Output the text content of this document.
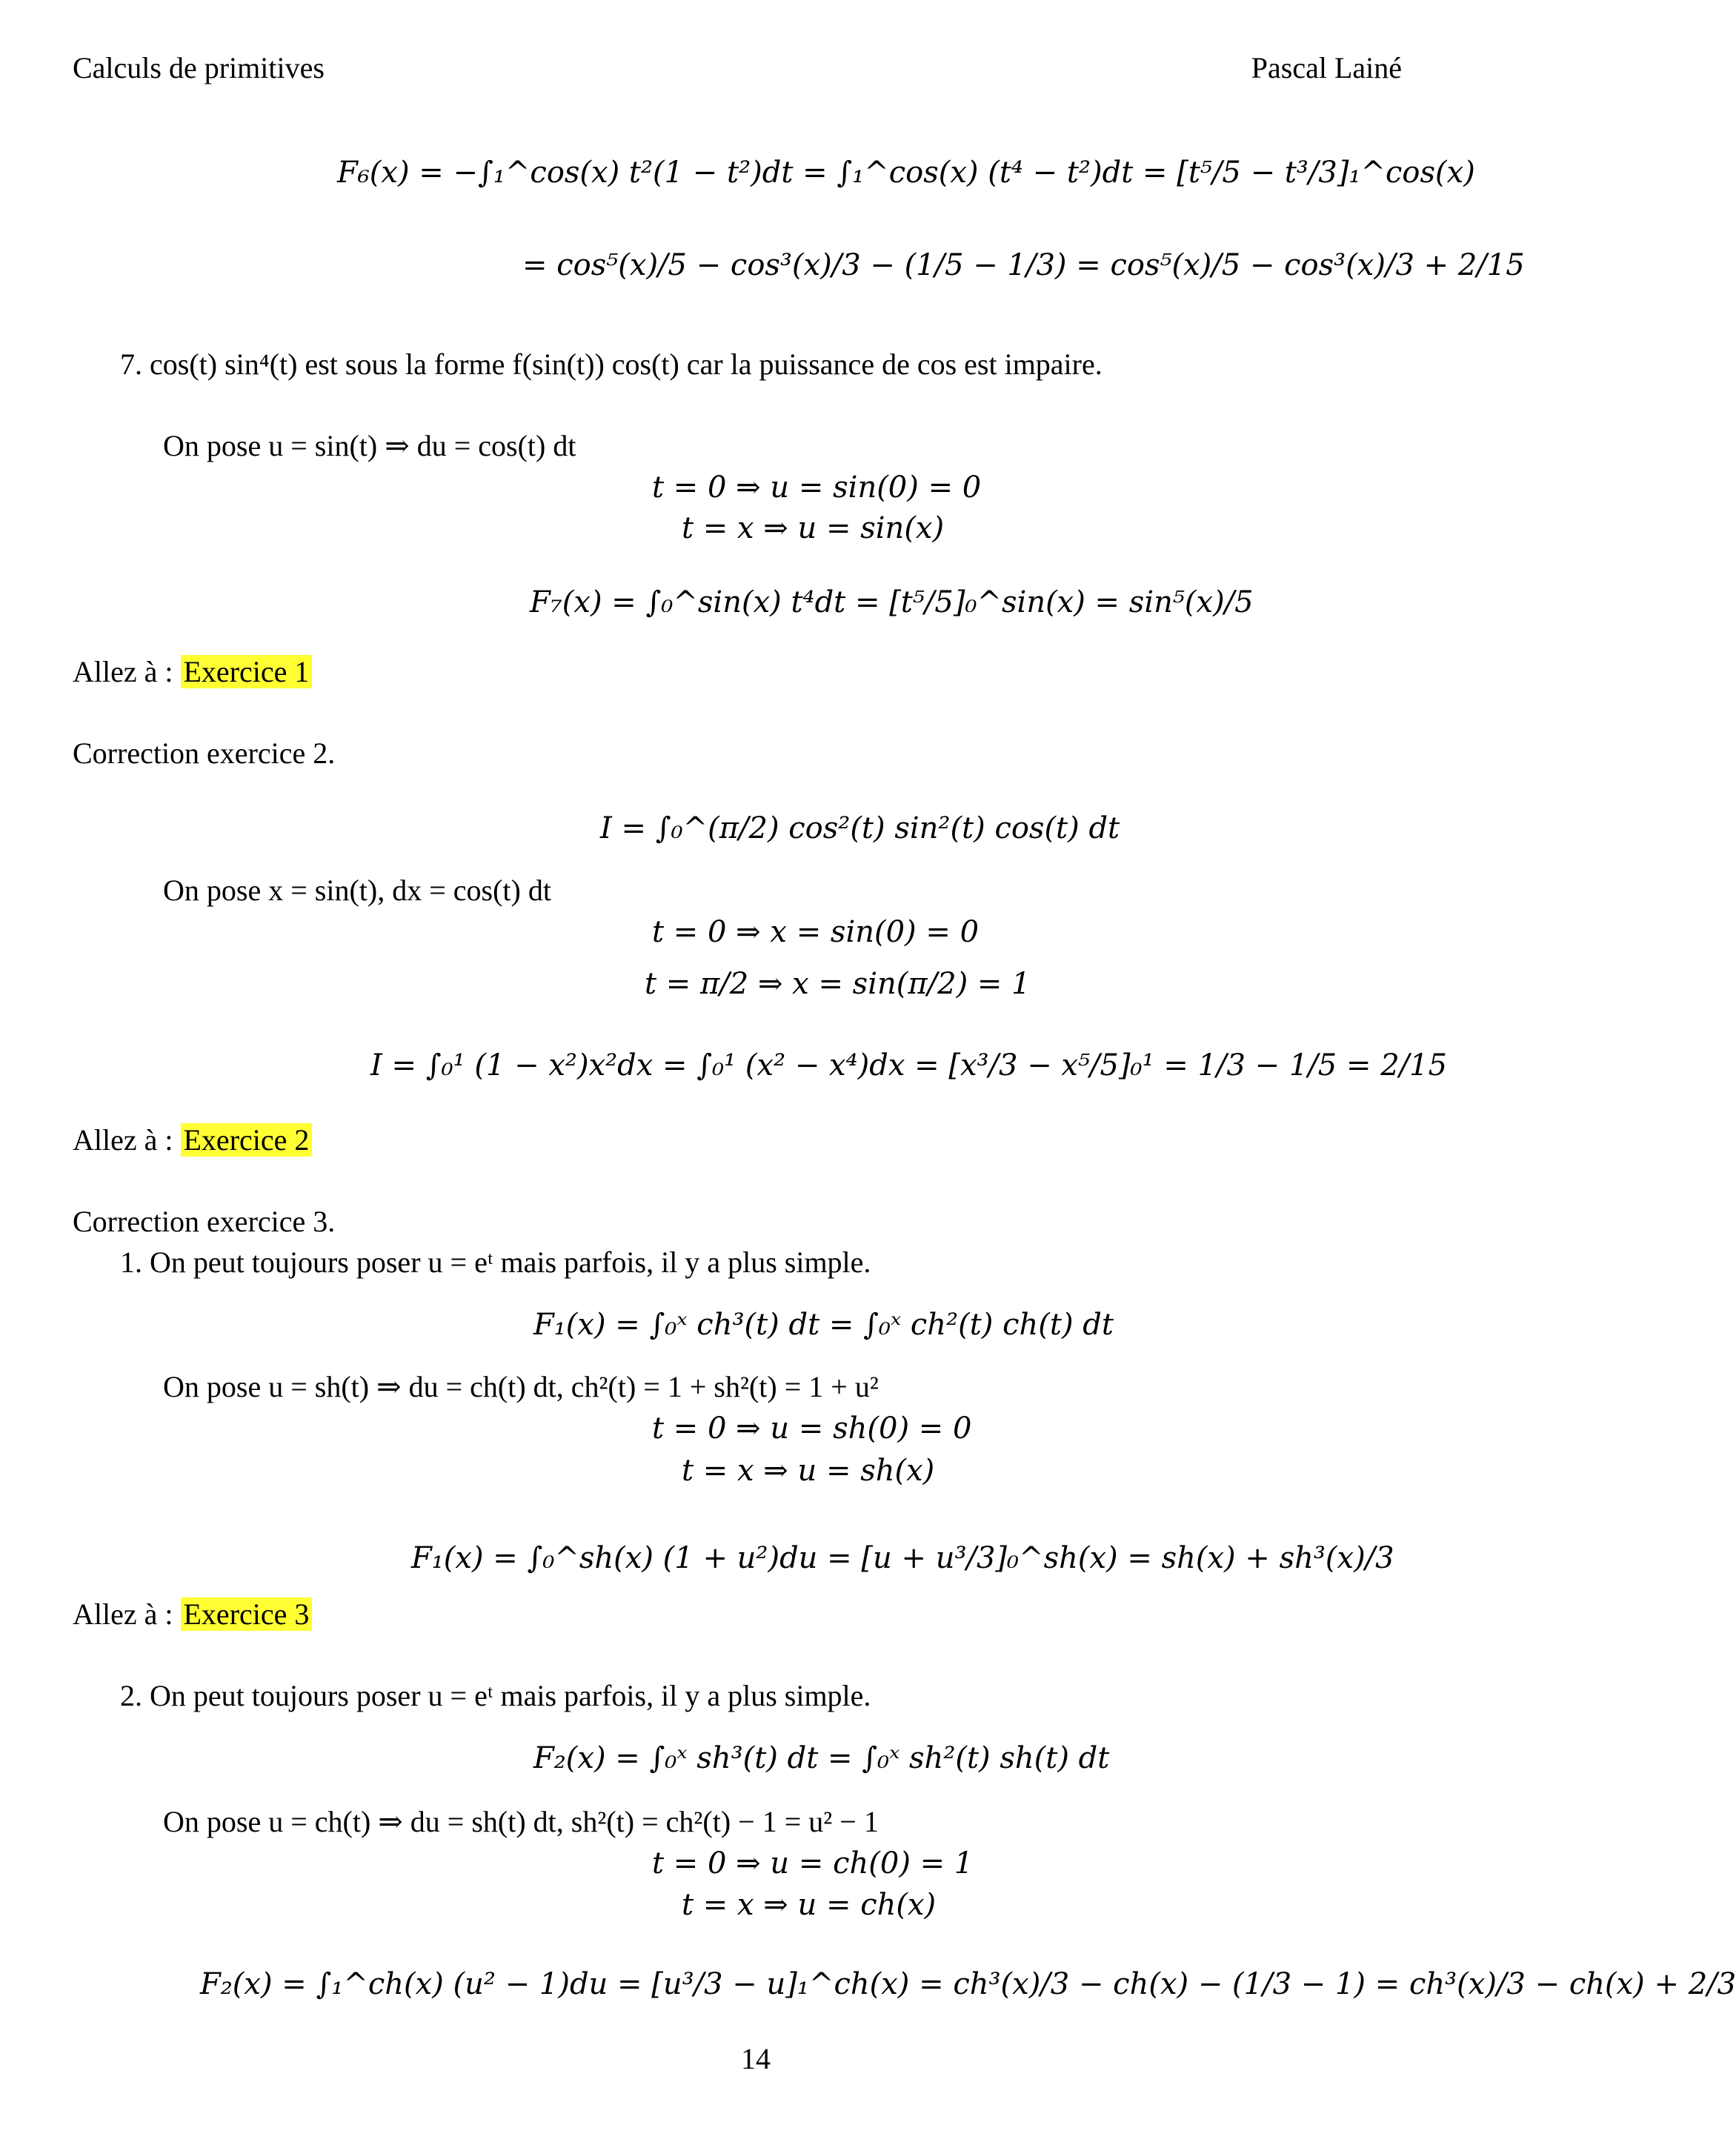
Calculs de primitives	Pascal Lainé
F₆(x) = −∫₁^cos(x) t²(1 − t²)dt = ∫₁^cos(x) (t⁴ − t²)dt = [t⁵/5 − t³/3]₁^cos(x)
= cos⁵(x)/5 − cos³(x)/3 − (1/5 − 1/3) = cos⁵(x)/5 − cos³(x)/3 + 2/15
7. cos(t) sin⁴(t) est sous la forme f(sin(t)) cos(t) car la puissance de cos est impaire.
On pose u = sin(t) ⇒ du = cos(t) dt
t = 0 ⇒ u = sin(0) = 0
t = x ⇒ u = sin(x)
F₇(x) = ∫₀^sin(x) t⁴dt = [t⁵/5]₀^sin(x) = sin⁵(x)/5
Allez à : Exercice 1
Correction exercice 2.
I = ∫₀^(π/2) cos²(t) sin²(t) cos(t) dt
On pose x = sin(t), dx = cos(t) dt
t = 0 ⇒ x = sin(0) = 0
t = π/2 ⇒ x = sin(π/2) = 1
I = ∫₀¹ (1 − x²)x²dx = ∫₀¹ (x² − x⁴)dx = [x³/3 − x⁵/5]₀¹ = 1/3 − 1/5 = 2/15
Allez à : Exercice 2
Correction exercice 3.
1. On peut toujours poser u = eᵗ mais parfois, il y a plus simple.
F₁(x) = ∫₀ˣ ch³(t) dt = ∫₀ˣ ch²(t) ch(t) dt
On pose u = sh(t) ⇒ du = ch(t) dt, ch²(t) = 1 + sh²(t) = 1 + u²
t = 0 ⇒ u = sh(0) = 0
t = x ⇒ u = sh(x)
F₁(x) = ∫₀^sh(x) (1 + u²)du = [u + u³/3]₀^sh(x) = sh(x) + sh³(x)/3
Allez à : Exercice 3
2. On peut toujours poser u = eᵗ mais parfois, il y a plus simple.
F₂(x) = ∫₀ˣ sh³(t) dt = ∫₀ˣ sh²(t) sh(t) dt
On pose u = ch(t) ⇒ du = sh(t) dt, sh²(t) = ch²(t) − 1 = u² − 1
t = 0 ⇒ u = ch(0) = 1
t = x ⇒ u = ch(x)
F₂(x) = ∫₁^ch(x) (u² − 1)du = [u³/3 − u]₁^ch(x) = ch³(x)/3 − ch(x) − (1/3 − 1) = ch³(x)/3 − ch(x) + 2/3
14
